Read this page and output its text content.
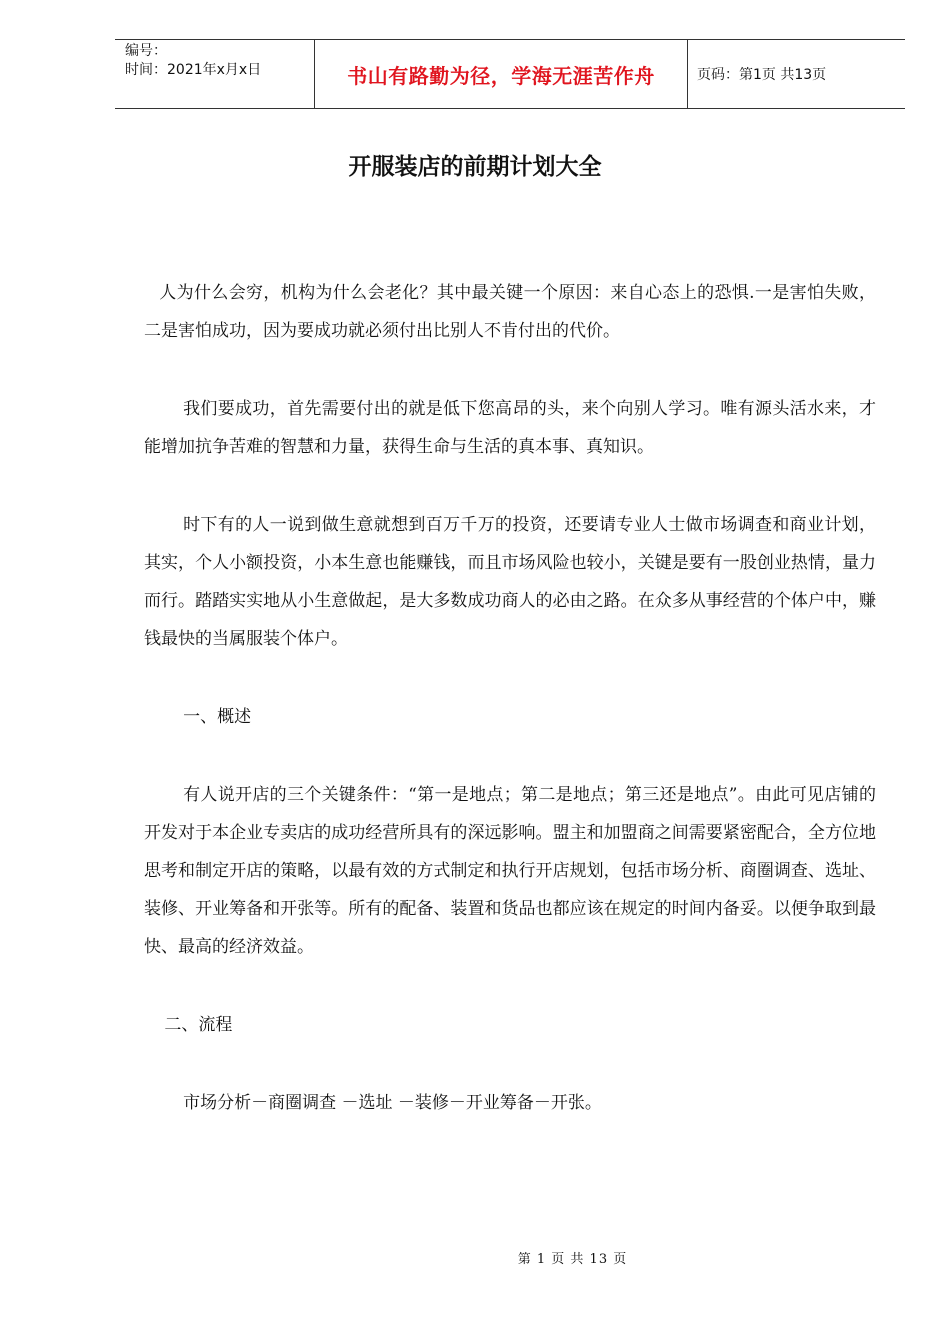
编号：
时间：2021年x月x日	书山有路勤为径，学海无涯苦作舟	页码：第1页 共13页
开服装店的前期计划大全

人为什么会穷，机构为什么会老化？其中最关键一个原因：来自心态上的恐惧.一是害怕失败，二是害怕成功，因为要成功就必须付出比别人不肯付出的代价。

我们要成功，首先需要付出的就是低下您高昂的头，来个向别人学习。唯有源头活水来，才能增加抗争苦难的智慧和力量，获得生命与生活的真本事、真知识。

时下有的人一说到做生意就想到百万千万的投资，还要请专业人士做市场调查和商业计划，其实，个人小额投资，小本生意也能赚钱，而且市场风险也较小，关键是要有一股创业热情，量力而行。踏踏实实地从小生意做起，是大多数成功商人的必由之路。在众多从事经营的个体户中，赚钱最快的当属服装个体户。

一、概述

有人说开店的三个关键条件：“第一是地点；第二是地点；第三还是地点”。由此可见店铺的开发对于本企业专卖店的成功经营所具有的深远影响。盟主和加盟商之间需要紧密配合，全方位地思考和制定开店的策略，以最有效的方式制定和执行开店规划，包括市场分析、商圈调查、选址、装修、开业筹备和开张等。所有的配备、装置和货品也都应该在规定的时间内备妥。以便争取到最快、最高的经济效益。

二、流程

市场分析－商圈调查 －选址 －装修－开业筹备－开张。

第 1 页 共 13 页
